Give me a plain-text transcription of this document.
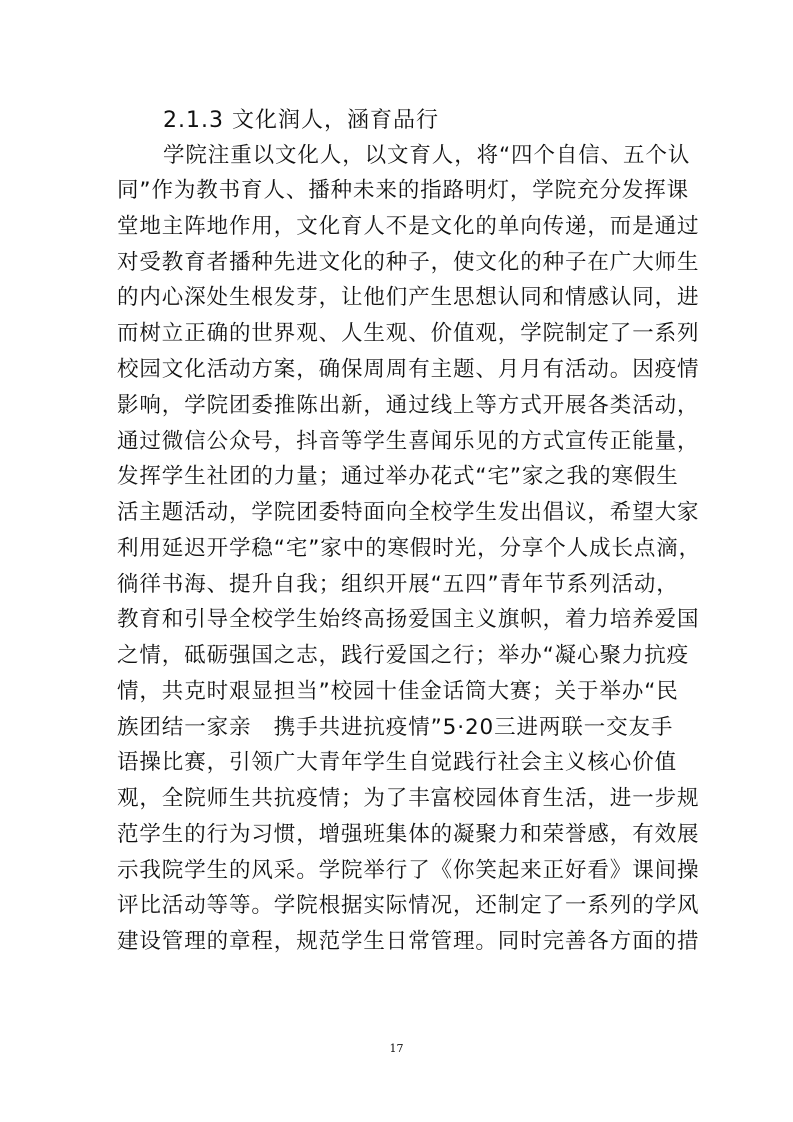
2.1.3 文化润人，涵育品行
学院注重以文化人，以文育人，将“四个自信、五个认
同”作为教书育人、播种未来的指路明灯，学院充分发挥课
堂地主阵地作用，文化育人不是文化的单向传递，而是通过
对受教育者播种先进文化的种子，使文化的种子在广大师生
的内心深处生根发芽，让他们产生思想认同和情感认同，进
而树立正确的世界观、人生观、价值观，学院制定了一系列
校园文化活动方案，确保周周有主题、月月有活动。因疫情
影响，学院团委推陈出新，通过线上等方式开展各类活动，
通过微信公众号，抖音等学生喜闻乐见的方式宣传正能量，
发挥学生社团的力量；通过举办花式“宅”家之我的寒假生
活主题活动，学院团委特面向全校学生发出倡议，希望大家
利用延迟开学稳“宅”家中的寒假时光，分享个人成长点滴，
徜徉书海、提升自我；组织开展“五四”青年节系列活动，
教育和引导全校学生始终高扬爱国主义旗帜，着力培养爱国
之情，砥砺强国之志，践行爱国之行；举办“凝心聚力抗疫
情，共克时艰显担当”校园十佳金话筒大赛；关于举办“民
族团结一家亲　携手共进抗疫情”5·20三进两联一交友手
语操比赛，引领广大青年学生自觉践行社会主义核心价值
观，全院师生共抗疫情；为了丰富校园体育生活，进一步规
范学生的行为习惯，增强班集体的凝聚力和荣誉感，有效展
示我院学生的风采。学院举行了《你笑起来正好看》课间操
评比活动等等。学院根据实际情况，还制定了一系列的学风
建设管理的章程，规范学生日常管理。同时完善各方面的措
17
